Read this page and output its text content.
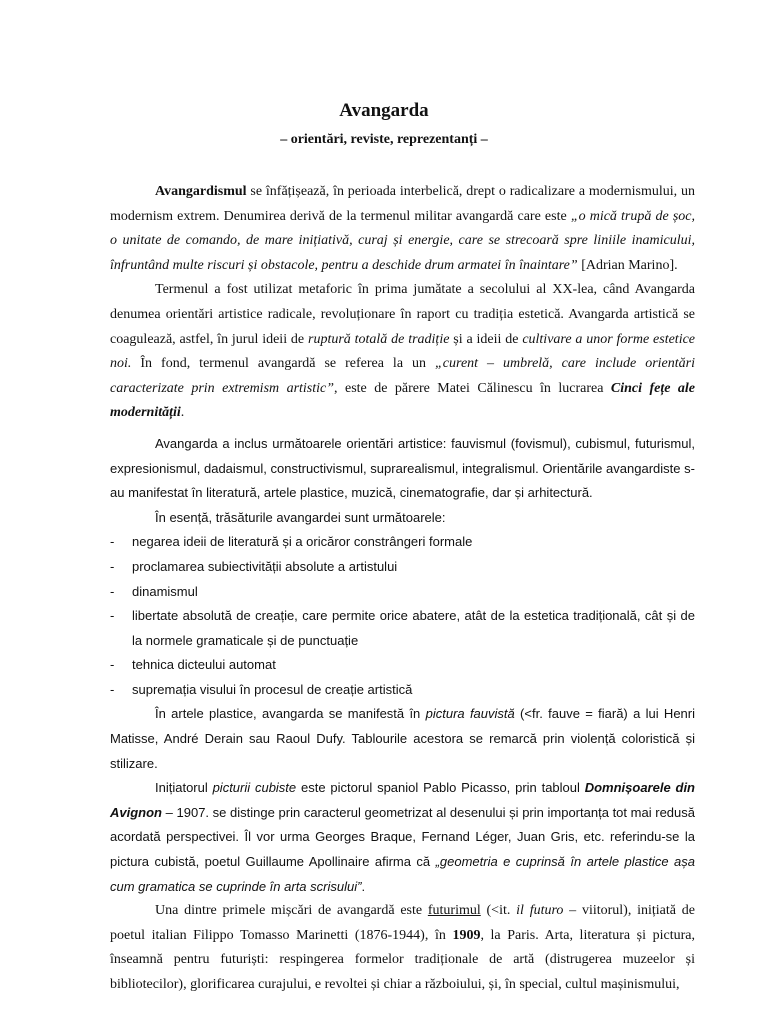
Avangarda
– orientări, reviste, reprezentanți –

Avangardismul se înfățișează, în perioada interbelică, drept o radicalizare a modernismului, un modernism extrem. Denumirea derivă de la termenul militar avangardă care este „o mică trupă de șoc, o unitate de comando, de mare inițiativă, curaj și energie, care se strecoară spre liniile inamicului, înfruntând multe riscuri și obstacole, pentru a deschide drum armatei în înaintare” [Adrian Marino].

Termenul a fost utilizat metaforic în prima jumătate a secolului al XX-lea, când Avangarda denumea orientări artistice radicale, revoluționare în raport cu tradiția estetică. Avangarda artistică se coagulează, astfel, în jurul ideii de ruptură totală de tradiție și a ideii de cultivare a unor forme estetice noi. În fond, termenul avangardă se referea la un „curent – umbrelă, care include orientări caracterizate prin extremism artistic”, este de părere Matei Călinescu în lucrarea Cinci fețe ale modernității.

Avangarda a inclus următoarele orientări artistice: fauvismul (fovismul), cubismul, futurismul, expresionismul, dadaismul, constructivismul, suprarealismul, integralismul. Orientările avangardiste s-au manifestat în literatură, artele plastice, muzică, cinematografie, dar și arhitectură.

În esență, trăsăturile avangardei sunt următoarele:

- negarea ideii de literatură și a oricăror constrângeri formale
- proclamarea subiectivității absolute a artistului
- dinamismul
- libertate absolută de creație, care permite orice abatere, atât de la estetica tradițională, cât și de la normele gramaticale și de punctuație
- tehnica dicteului automat
- supremația visului în procesul de creație artistică

În artele plastice, avangarda se manifestă în pictura fauvistă (<fr. fauve = fiară) a lui Henri Matisse, André Derain sau Raoul Dufy. Tablourile acestora se remarcă prin violență coloristică și stilizare.

Inițiatorul picturii cubiste este pictorul spaniol Pablo Picasso, prin tabloul Domnișoarele din Avignon – 1907. se distinge prin caracterul geometrizat al desenului și prin importanța tot mai redusă acordată perspectivei. Îl vor urma Georges Braque, Fernand Léger, Juan Gris, etc. referindu-se la pictura cubistă, poetul Guillaume Apollinaire afirma că „geometria e cuprinsă în artele plastice așa cum gramatica se cuprinde în arta scrisului”.

Una dintre primele mișcări de avangardă este futurimul (<it. il futuro – viitorul), inițiată de poetul italian Filippo Tomasso Marinetti (1876-1944), în 1909, la Paris. Arta, literatura și pictura, înseamnă pentru futuriști: respingerea formelor tradiționale de artă (distrugerea muzeelor și bibliotecilor), glorificarea curajului, e revoltei și chiar a războiului, și, în special, cultul mașinismului,
